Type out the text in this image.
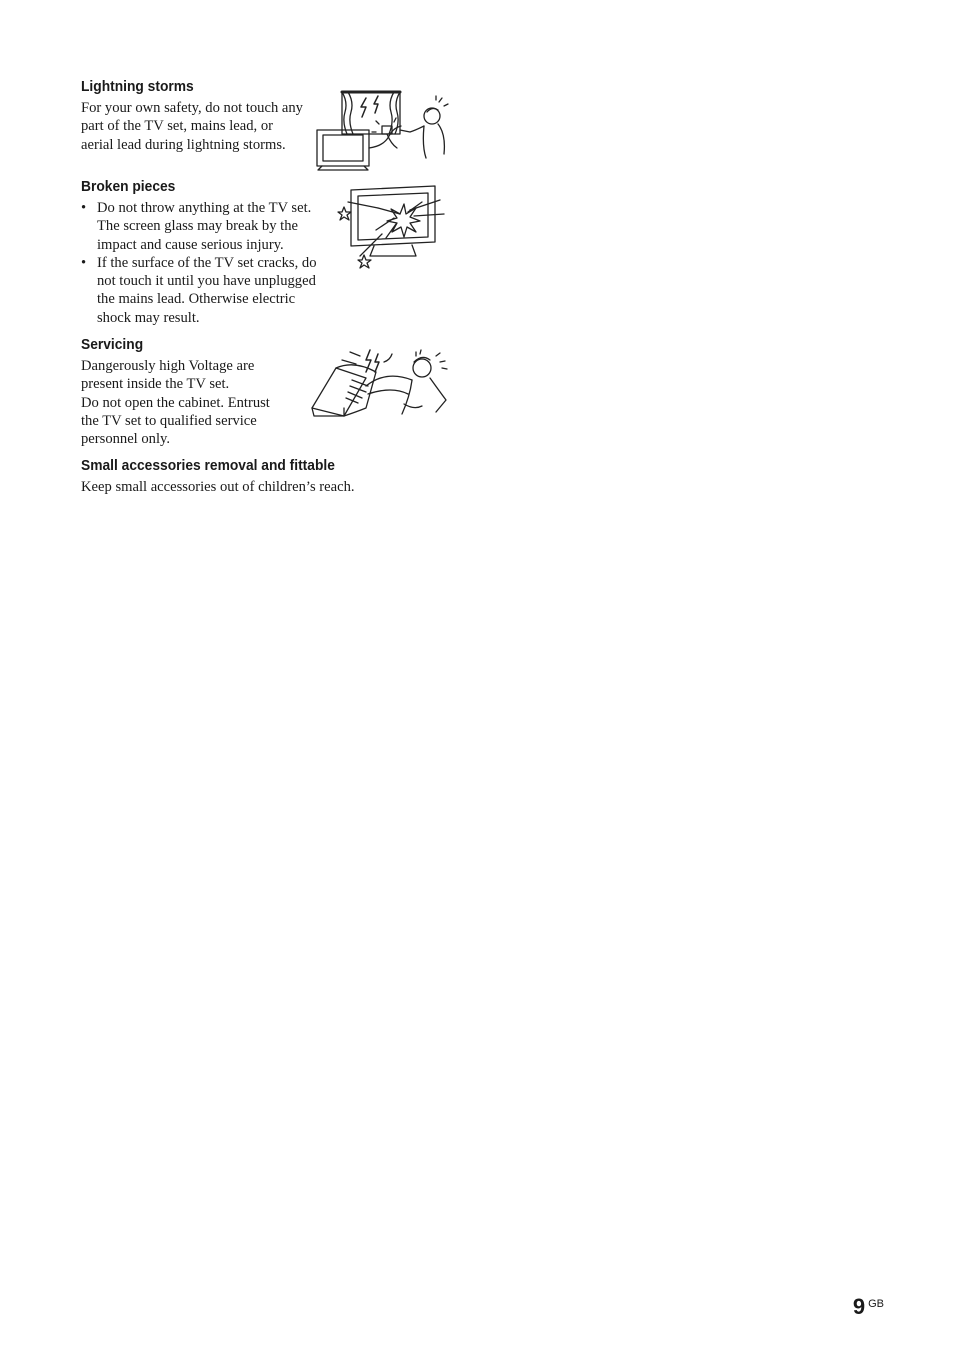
Lightning storms

For your own safety, do not touch any
part of the TV set, mains lead, or
aerial lead during lightning storms.

Broken pieces
• Do not throw anything at the TV set.
The screen glass may break by the
impact and cause serious injury.
• If the surface of the TV set cracks, do
not touch it until you have unplugged
the mains lead. Otherwise electric
shock may result.
Servicing

Dangerously high Voltage are
present inside the TV set.
Do not open the cabinet. Entrust
the TV set to qualified service
personnel only.

Small accessories removal and fittable

Keep small accessories out of children’s reach.

9 $^{GB}$
